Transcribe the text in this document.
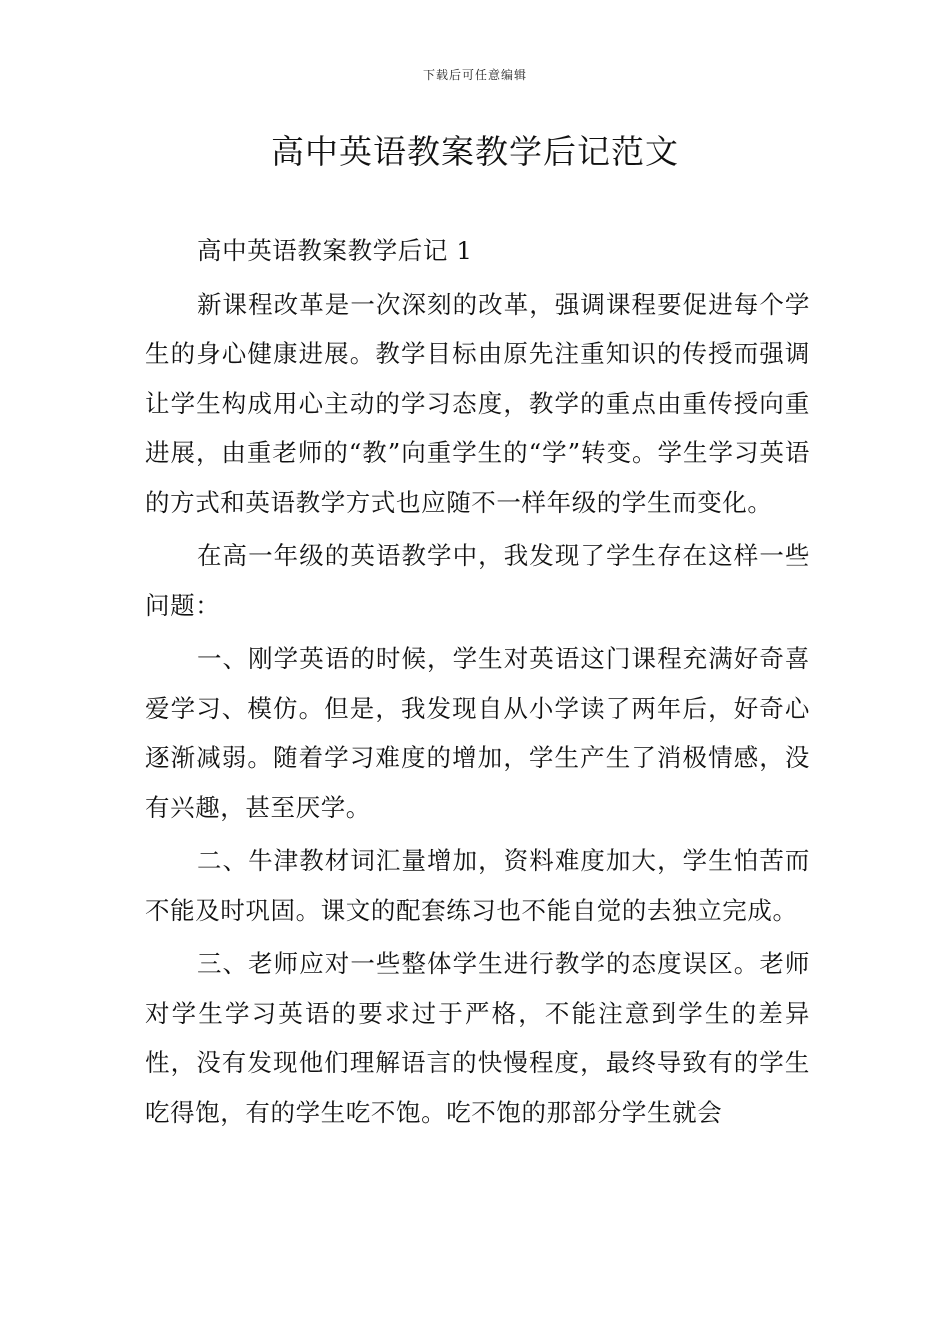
下载后可任意编辑
高中英语教案教学后记范文

高中英语教案教学后记 1

新课程改革是一次深刻的改革，强调课程要促进每个学生的身心健康进展。教学目标由原先注重知识的传授而强调让学生构成用心主动的学习态度，教学的重点由重传授向重进展，由重老师的“教”向重学生的“学”转变。学生学习英语的方式和英语教学方式也应随不一样年级的学生而变化。

在高一年级的英语教学中，我发现了学生存在这样一些问题：

一、刚学英语的时候，学生对英语这门课程充满好奇喜爱学习、模仿。但是，我发现自从小学读了两年后，好奇心逐渐减弱。随着学习难度的增加，学生产生了消极情感，没有兴趣，甚至厌学。

二、牛津教材词汇量增加，资料难度加大，学生怕苦而不能及时巩固。课文的配套练习也不能自觉的去独立完成。

三、老师应对一些整体学生进行教学的态度误区。老师对学生学习英语的要求过于严格，不能注意到学生的差异性，没有发现他们理解语言的快慢程度，最终导致有的学生吃得饱，有的学生吃不饱。吃不饱的那部分学生就会
